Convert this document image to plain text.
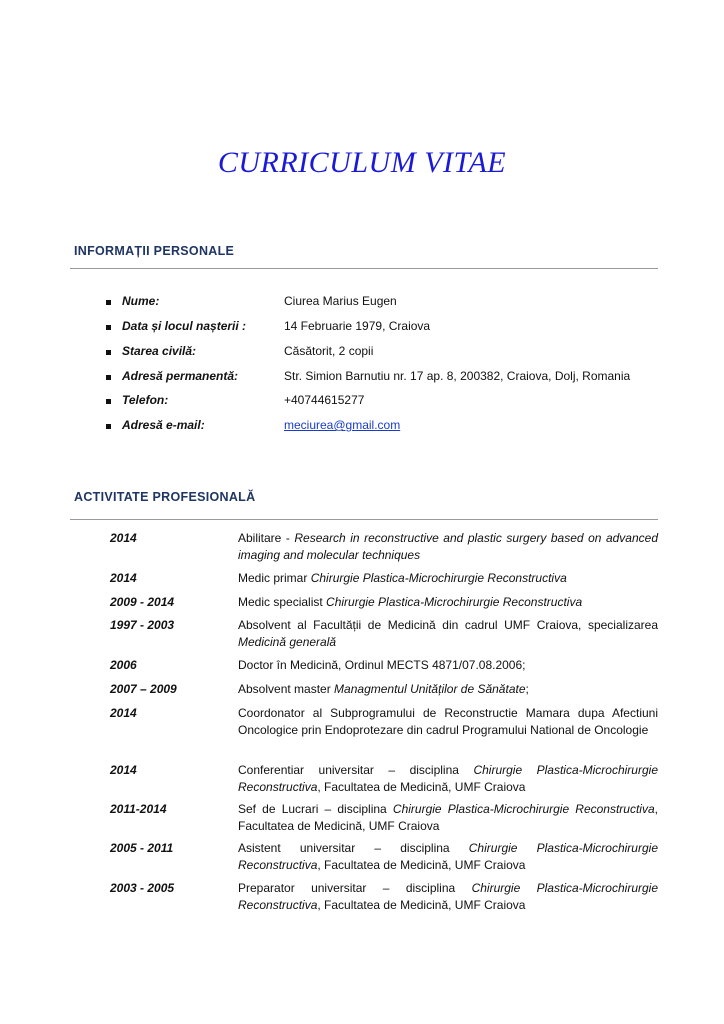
CURRICULUM VITAE
INFORMAȚII PERSONALE
Nume:	Ciurea Marius Eugen
Data și locul nașterii :	14 Februarie 1979, Craiova
Starea civilă:	Căsătorit, 2 copii
Adresă permanentă:	Str. Simion Barnutiu nr. 17 ap. 8, 200382, Craiova, Dolj, Romania
Telefon:	+40744615277
Adresă e-mail:	meciurea@gmail.com
ACTIVITATE PROFESIONALĂ
2014	Abilitare - Research in reconstructive and plastic surgery based on advanced imaging and molecular techniques
2014	Medic primar Chirurgie Plastica-Microchirurgie Reconstructiva
2009 - 2014	Medic specialist Chirurgie Plastica-Microchirurgie Reconstructiva
1997 - 2003	Absolvent al Facultății de Medicină din cadrul UMF Craiova, specializarea Medicină generală
2006	Doctor în Medicină, Ordinul MECTS 4871/07.08.2006;
2007 – 2009	Absolvent master Managmentul Unităților de Sănătate;
2014	Coordonator al Subprogramului de Reconstructie Mamara dupa Afectiuni Oncologice prin Endoprotezare din cadrul Programului National de Oncologie
2014	Conferentiar universitar – disciplina Chirurgie Plastica-Microchirurgie Reconstructiva, Facultatea de Medicină, UMF Craiova
2011-2014	Sef de Lucrari – disciplina Chirurgie Plastica-Microchirurgie Reconstructiva, Facultatea de Medicină, UMF Craiova
2005 - 2011	Asistent universitar – disciplina Chirurgie Plastica-Microchirurgie Reconstructiva, Facultatea de Medicină, UMF Craiova
2003 - 2005	Preparator universitar – disciplina Chirurgie Plastica-Microchirurgie Reconstructiva, Facultatea de Medicină, UMF Craiova
